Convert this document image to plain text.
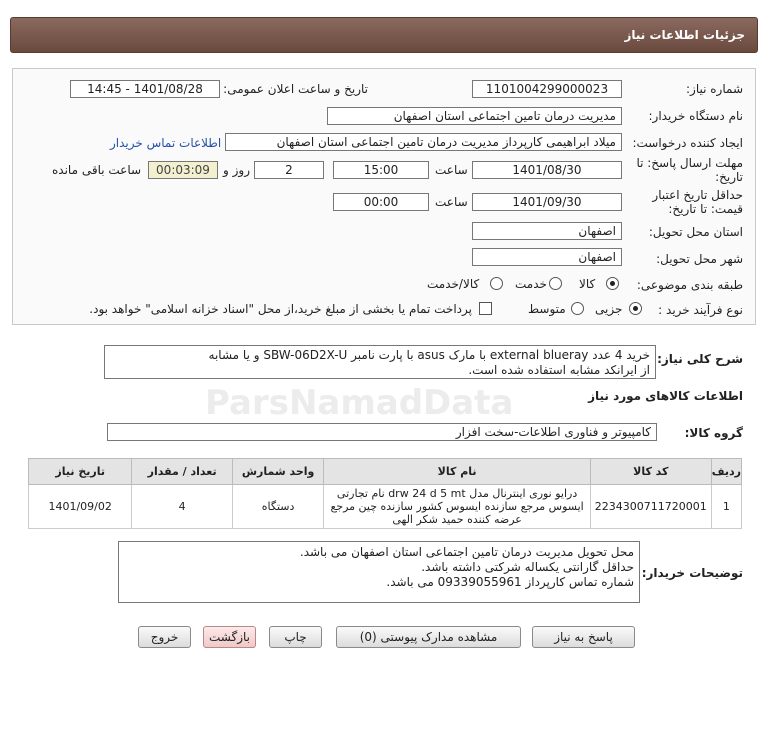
جزئیات اطلاعات نیاز
شماره نیاز:
1101004299000023
تاریخ و ساعت اعلان عمومی:
1401/08/28 - 14:45
نام دستگاه خریدار:
مدیریت درمان تامین اجتماعی استان اصفهان
ایجاد کننده درخواست:
میلاد ابراهیمی کارپرداز مدیریت درمان تامین اجتماعی استان اصفهان
اطلاعات تماس خریدار
مهلت ارسال پاسخ: تا
تاریخ:
1401/08/30
ساعت
15:00
2
روز و
00:03:09
ساعت باقی مانده
حداقل تاریخ اعتبار
قیمت: تا تاریخ:
1401/09/30
ساعت
00:00
استان محل تحویل:
اصفهان
شهر محل تحویل:
اصفهان
طبقه بندی موضوعی:
کالا
خدمت
کالا/خدمت
نوع فرآیند خرید :
جزیی
متوسط
پرداخت تمام یا بخشی از مبلغ خرید،از محل "اسناد خزانه اسلامی" خواهد بود.
شرح کلی نیاز:
خرید 4 عدد external blueray با مارک asus با پارت نامبر SBW-06D2X-U و یا مشابه
از ایرانکد مشابه استفاده شده است.
اطلاعات کالاهای مورد نیاز
گروه کالا:
کامپیوتر و فناوری اطلاعات-سخت افزار
ردیف	کد کالا	نام کالا	واحد شمارش	تعداد / مقدار	تاریخ نیاز
1	2234300711720001	درایو نوری اینترنال مدل drw 24 d 5 mt نام تجارتی ایسوس مرجع سازنده ایسوس کشور سازنده چین مرجع عرضه کننده حمید شکر الهی	دستگاه	4	1401/09/02
توضیحات خریدار:
محل تحویل مدیریت درمان تامین اجتماعی استان اصفهان می باشد.
حداقل گارانتی یکساله شرکتی داشته باشد.
شماره تماس کارپرداز 09339055961 می باشد.
ParsNamadData
پاسخ به نیاز
مشاهده مدارک پیوستی (0)
چاپ
بازگشت
خروج
